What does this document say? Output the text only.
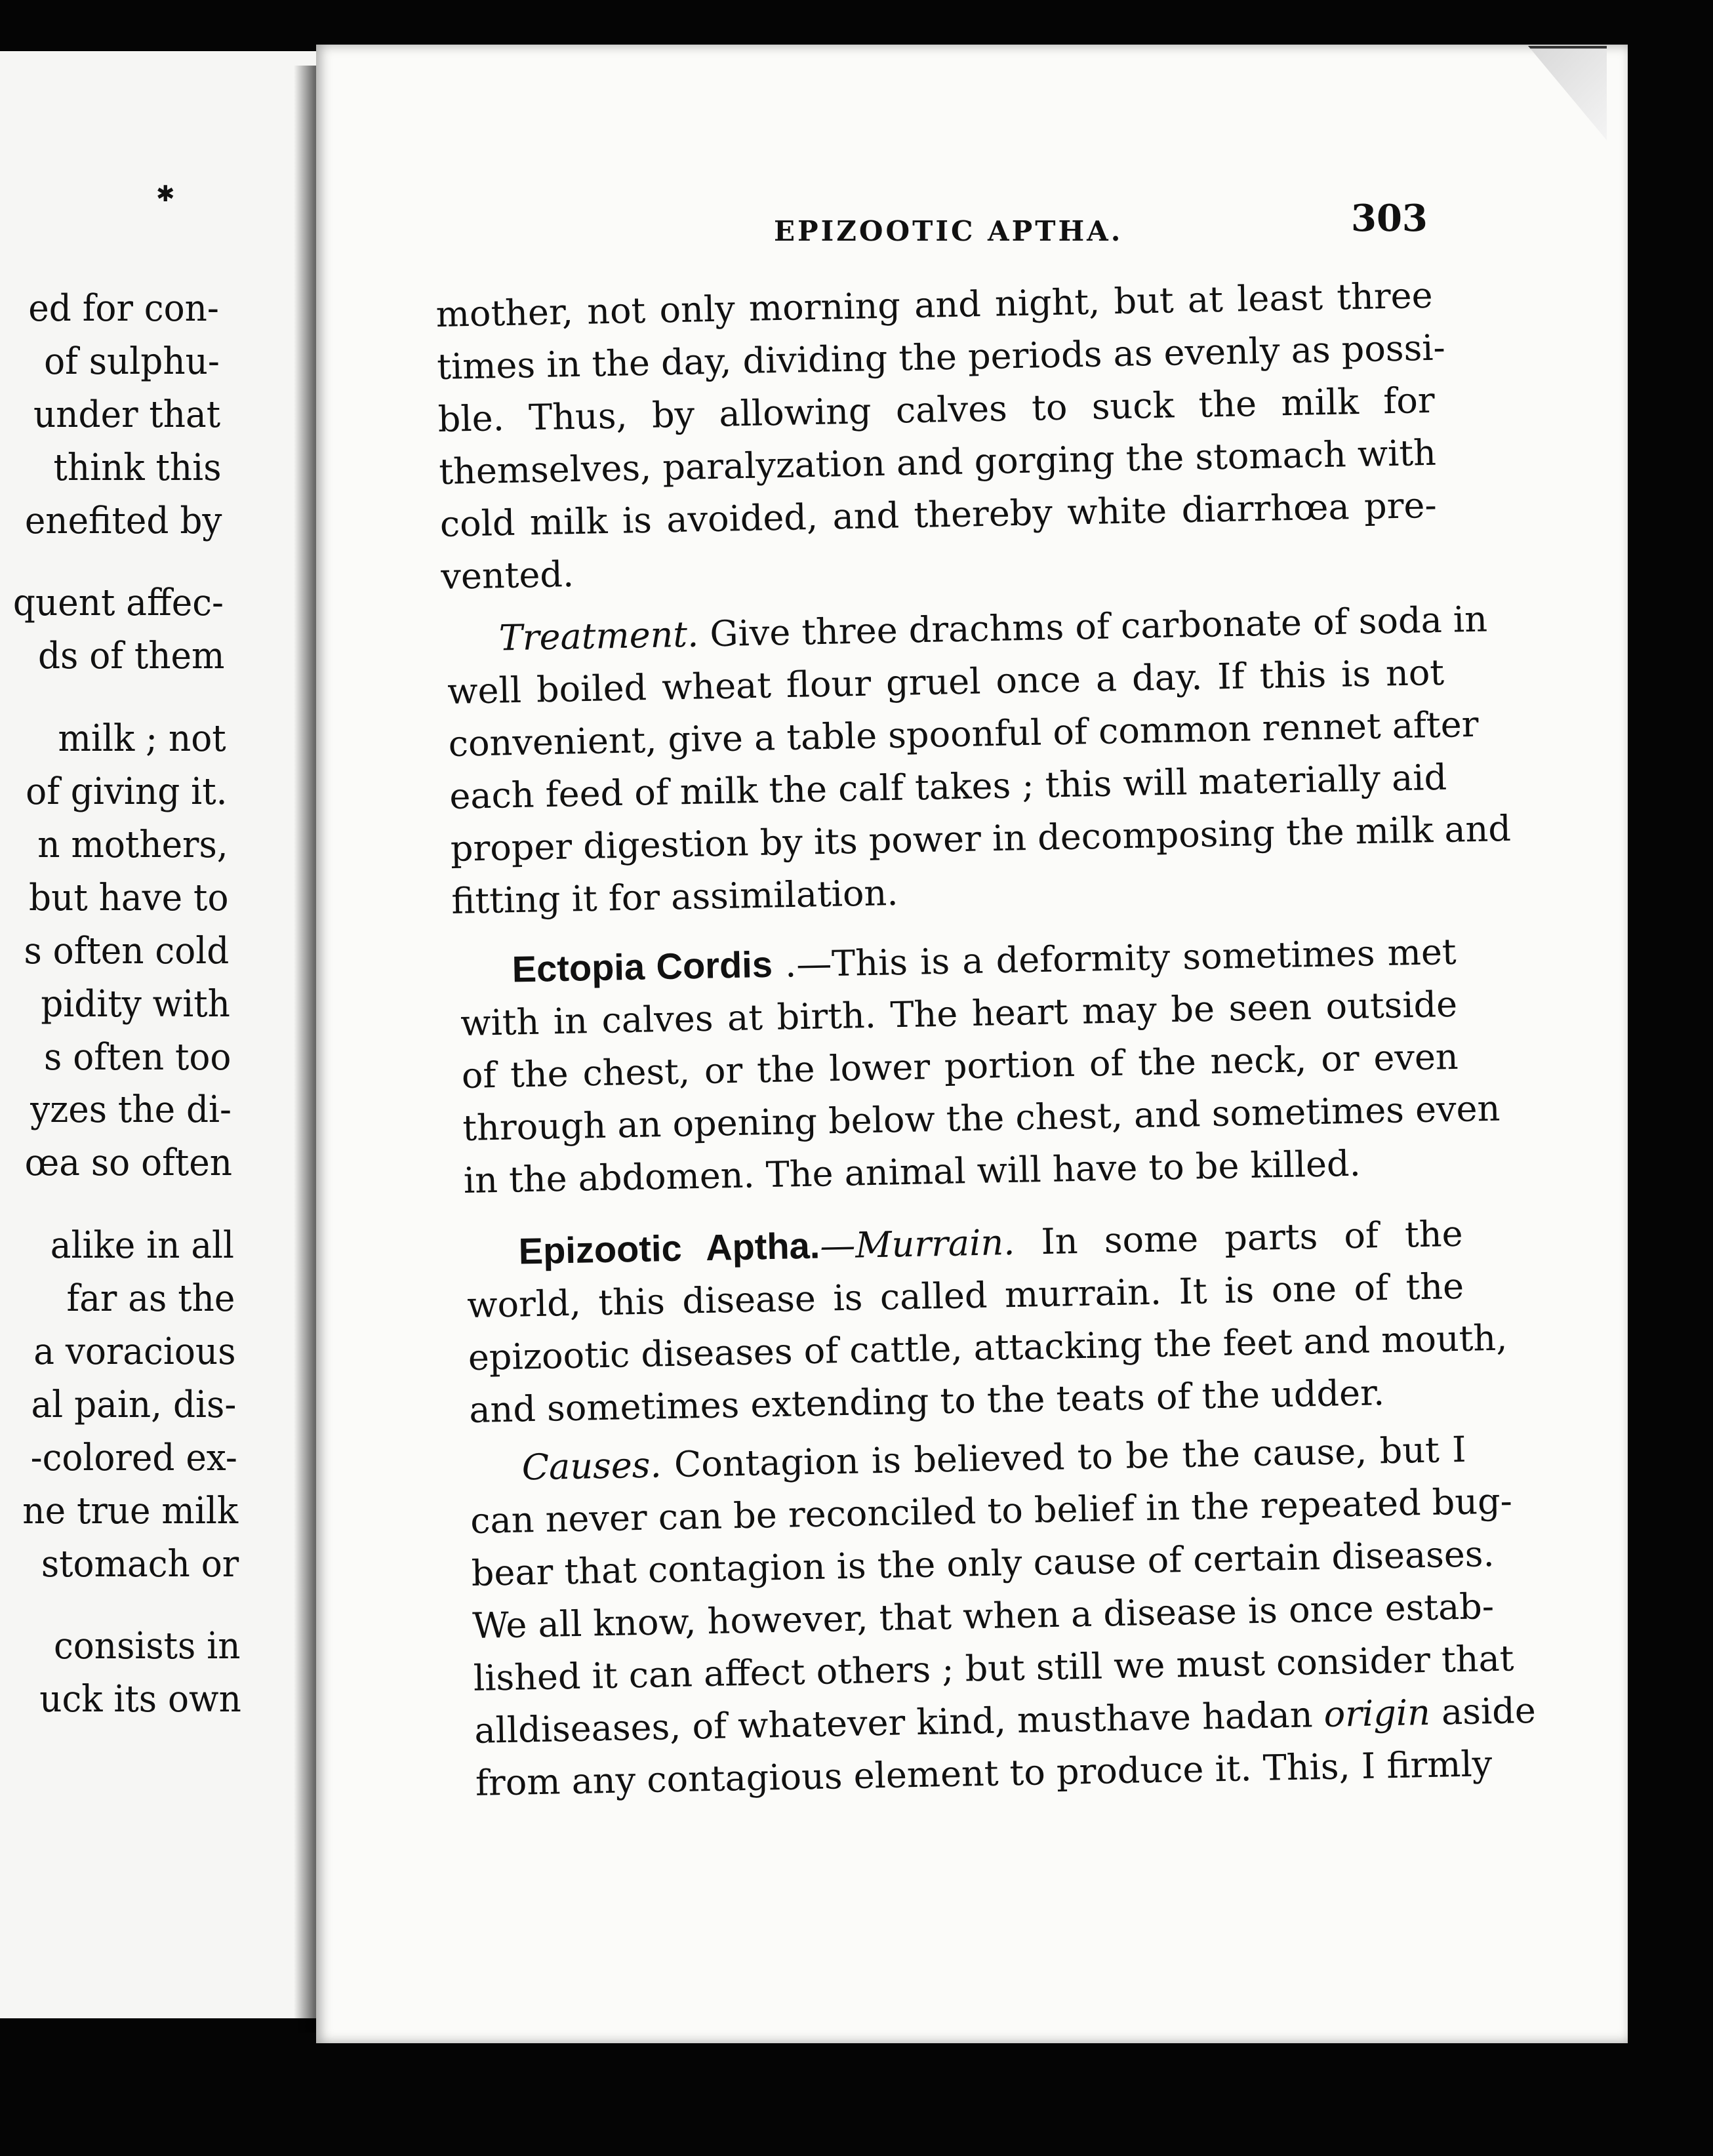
✱
ed for con-
of sulphu-
under that
think this
enefited by
quent affec-
ds of them
milk ; not
of giving it.
n mothers,
but have to
s often cold
pidity with
s often too
yzes the di-
œa so often
alike in all
far as the
a voracious
al pain, dis-
-colored ex-
ne true milk
stomach or
consists in
uck its own
EPIZOOTIC APTHA.	303

mother, not only morning and night, but at least three
times in the day, dividing the periods as evenly as possi-
ble. Thus, by allowing calves to suck the milk for
themselves, paralyzation and gorging the stomach with
cold milk is avoided, and thereby white diarrhœa pre-
vented.

Treatment. Give three drachms of carbonate of soda in
well boiled wheat flour gruel once a day. If this is not
convenient, give a table spoonful of common rennet after
each feed of milk the calf takes ; this will materially aid
proper digestion by its power in decomposing the milk and
fitting it for assimilation.

Ectopia Cordis .—This is a deformity sometimes met
with in calves at birth. The heart may be seen outside
of the chest, or the lower portion of the neck, or even
through an opening below the chest, and sometimes even
in the abdomen. The animal will have to be killed.

Epizootic Aptha.—Murrain. In some parts of the
world, this disease is called murrain. It is one of the
epizootic diseases of cattle, attacking the feet and mouth,
and sometimes extending to the teats of the udder.

Causes. Contagion is believed to be the cause, but I
can never can be reconciled to belief in the repeated bug-
bear that contagion is the only cause of certain diseases.
We all know, however, that when a disease is once estab-
lished it can affect others ; but still we must consider that
alldiseases, of whatever kind, musthave hadan origin aside
from any contagious element to produce it. This, I firmly
